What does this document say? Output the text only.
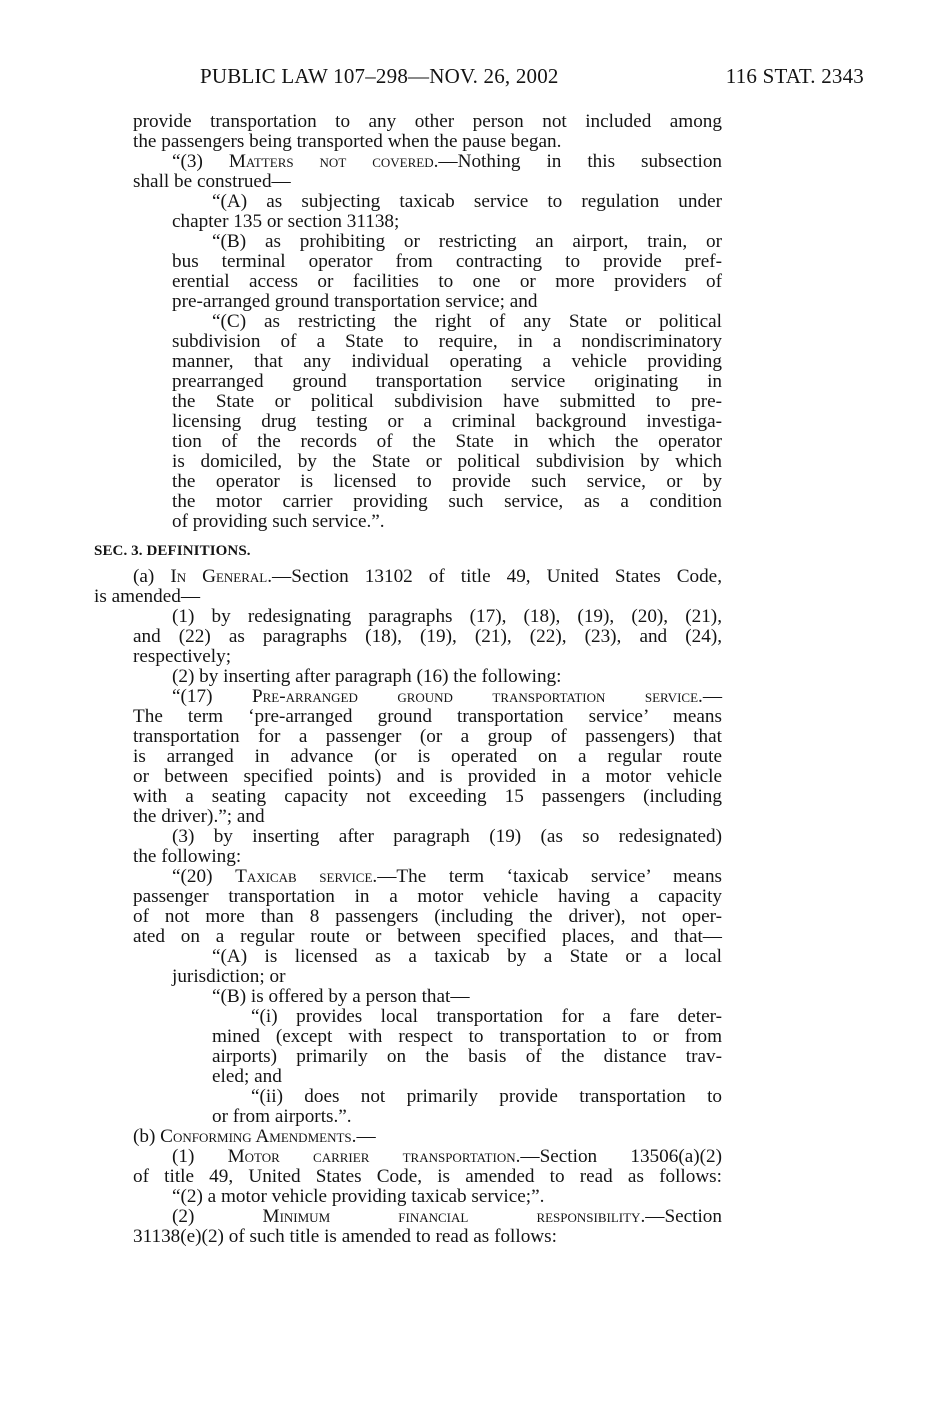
PUBLIC LAW 107–298—NOV. 26, 2002	116 STAT. 2343
provide transportation to any other person not included among
the passengers being transported when the pause began.
“(3) Matters not covered.—Nothing in this subsection
shall be construed—
“(A) as subjecting taxicab service to regulation under
chapter 135 or section 31138;
“(B) as prohibiting or restricting an airport, train, or
bus terminal operator from contracting to provide pref-
erential access or facilities to one or more providers of
pre-arranged ground transportation service; and
“(C) as restricting the right of any State or political
subdivision of a State to require, in a nondiscriminatory
manner, that any individual operating a vehicle providing
prearranged ground transportation service originating in
the State or political subdivision have submitted to pre-
licensing drug testing or a criminal background investiga-
tion of the records of the State in which the operator
is domiciled, by the State or political subdivision by which
the operator is licensed to provide such service, or by
the motor carrier providing such service, as a condition
of providing such service.”.
SEC. 3. DEFINITIONS.
(a) In General.—Section 13102 of title 49, United States Code,
is amended—
(1) by redesignating paragraphs (17), (18), (19), (20), (21),
and (22) as paragraphs (18), (19), (21), (22), (23), and (24),
respectively;
(2) by inserting after paragraph (16) the following:
“(17) Pre-arranged ground transportation service.—
The term ‘pre-arranged ground transportation service’ means
transportation for a passenger (or a group of passengers) that
is arranged in advance (or is operated on a regular route
or between specified points) and is provided in a motor vehicle
with a seating capacity not exceeding 15 passengers (including
the driver).”; and
(3) by inserting after paragraph (19) (as so redesignated)
the following:
“(20) Taxicab service.—The term ‘taxicab service’ means
passenger transportation in a motor vehicle having a capacity
of not more than 8 passengers (including the driver), not oper-
ated on a regular route or between specified places, and that—
“(A) is licensed as a taxicab by a State or a local
jurisdiction; or
“(B) is offered by a person that—
“(i) provides local transportation for a fare deter-
mined (except with respect to transportation to or from
airports) primarily on the basis of the distance trav-
eled; and
“(ii) does not primarily provide transportation to
or from airports.”.
(b) Conforming Amendments.—
(1) Motor carrier transportation.—Section 13506(a)(2)
of title 49, United States Code, is amended to read as follows:
“(2) a motor vehicle providing taxicab service;”.
(2) Minimum financial responsibility.—Section
31138(e)(2) of such title is amended to read as follows:
